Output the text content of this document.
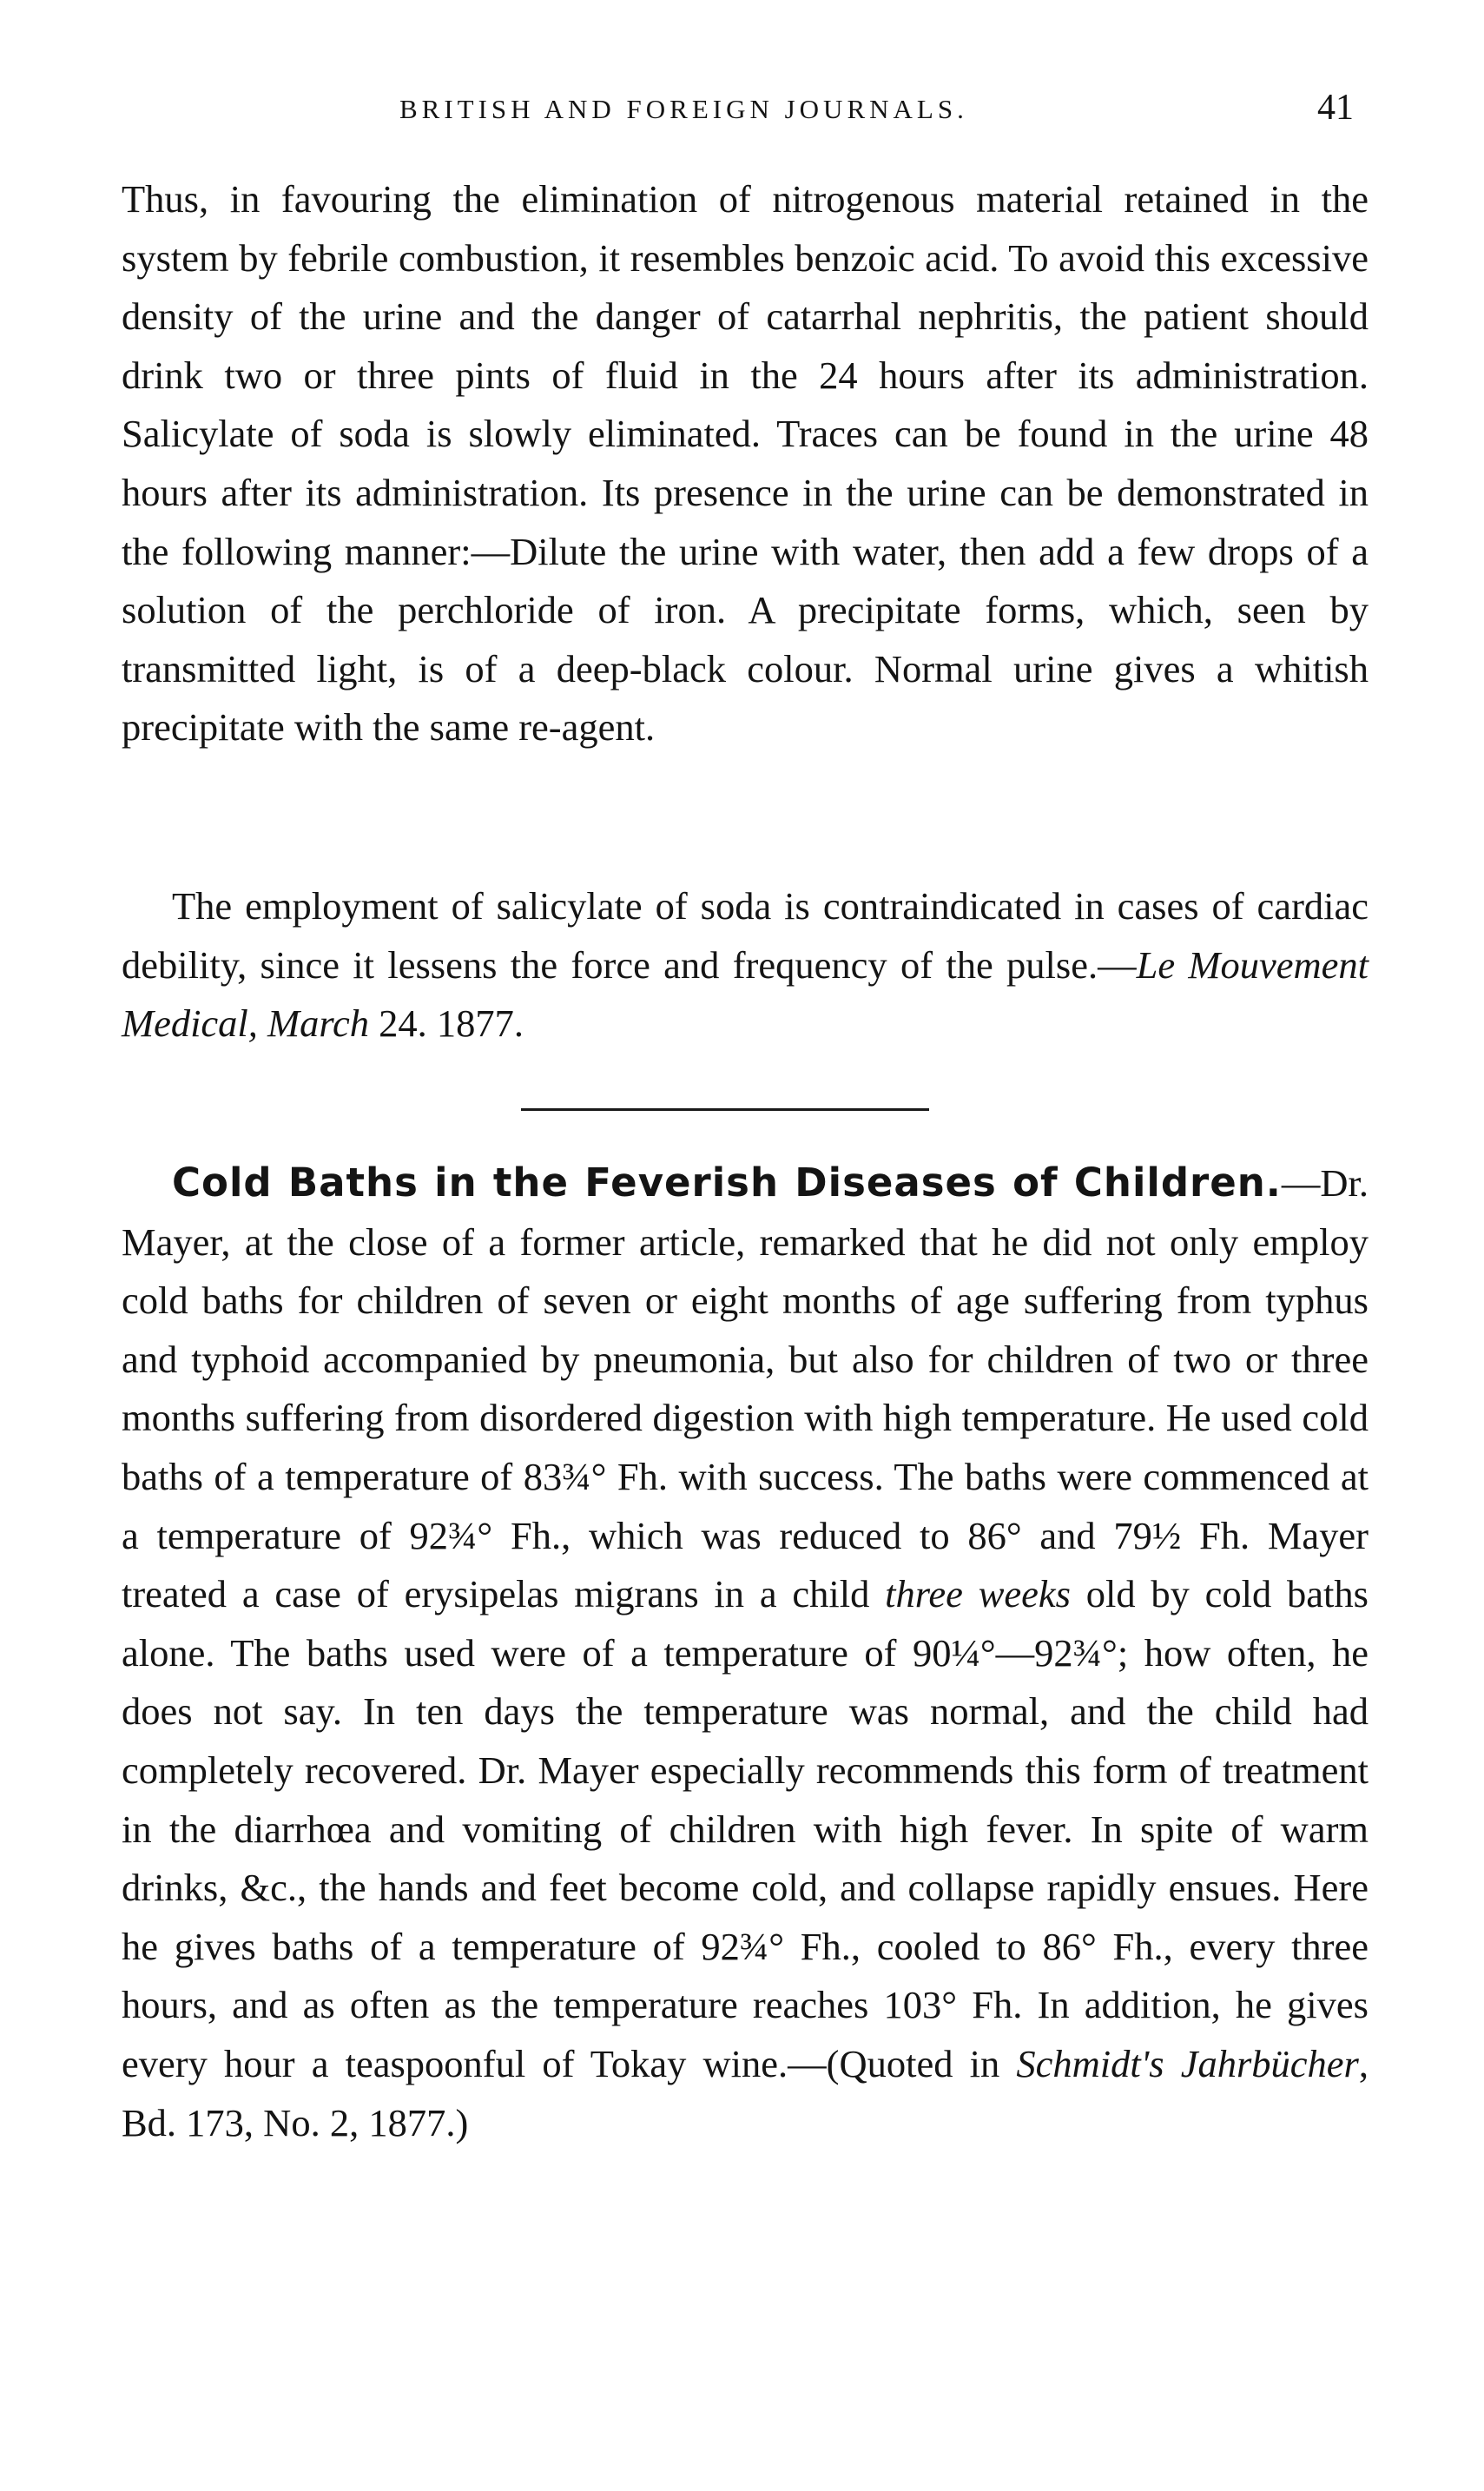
BRITISH AND FOREIGN JOURNALS.	41

Thus, in favouring the elimination of nitrogenous material retained in the system by febrile combustion, it resembles benzoic acid. To avoid this excessive density of the urine and the danger of catarrhal nephritis, the patient should drink two or three pints of fluid in the 24 hours after its administration. Salicylate of soda is slowly eliminated. Traces can be found in the urine 48 hours after its administration. Its presence in the urine can be demonstrated in the following manner:—Dilute the urine with water, then add a few drops of a solution of the perchloride of iron. A precipitate forms, which, seen by transmitted light, is of a deep-black colour. Normal urine gives a whitish precipitate with the same re-agent.

The employment of salicylate of soda is contraindicated in cases of cardiac debility, since it lessens the force and frequency of the pulse.—Le Mouvement Medical, March 24. 1877.

Cold Baths in the Feverish Diseases of Children.—Dr. Mayer, at the close of a former article, remarked that he did not only employ cold baths for children of seven or eight months of age suffering from typhus and typhoid accompanied by pneumonia, but also for children of two or three months suffering from disordered digestion with high temperature. He used cold baths of a temperature of 83¾° Fh. with success. The baths were commenced at a temperature of 92¾° Fh., which was reduced to 86° and 79½ Fh. Mayer treated a case of erysipelas migrans in a child three weeks old by cold baths alone. The baths used were of a temperature of 90¼°—92¾°; how often, he does not say. In ten days the temperature was normal, and the child had completely recovered. Dr. Mayer especially recommends this form of treatment in the diarrhœa and vomiting of children with high fever. In spite of warm drinks, &c., the hands and feet become cold, and collapse rapidly ensues. Here he gives baths of a temperature of 92¾° Fh., cooled to 86° Fh., every three hours, and as often as the temperature reaches 103° Fh. In addition, he gives every hour a teaspoonful of Tokay wine.—(Quoted in Schmidt's Jahrbücher, Bd. 173, No. 2, 1877.)
